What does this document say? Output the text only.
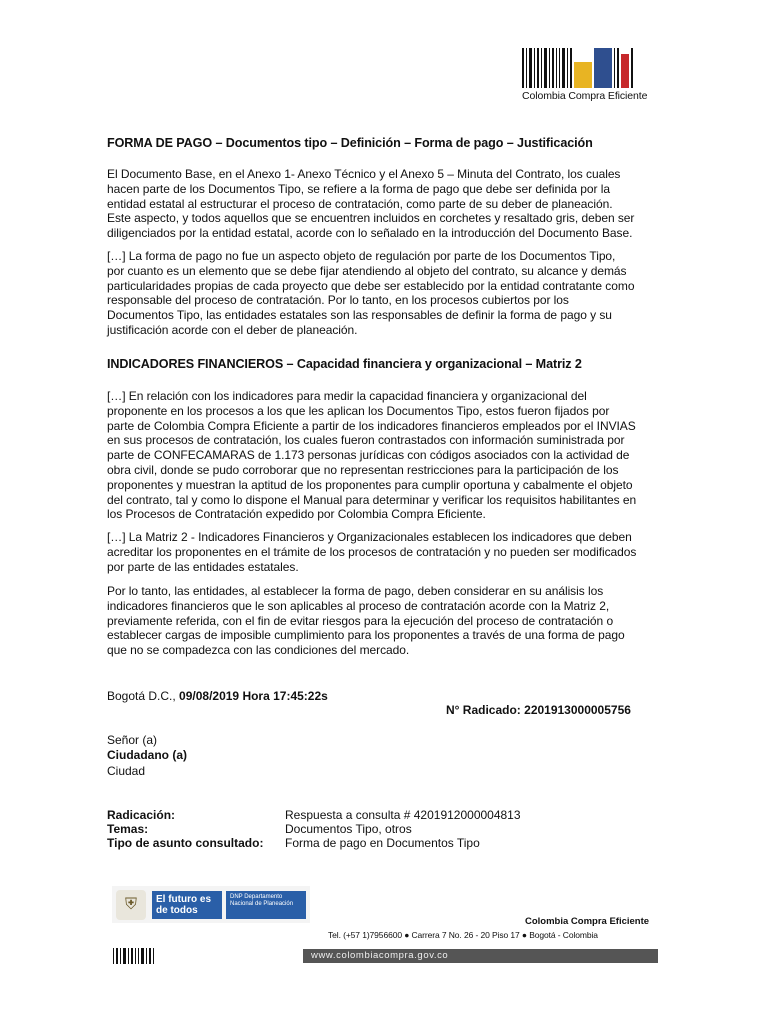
Colombia Compra Eficiente
FORMA DE PAGO – Documentos tipo – Definición – Forma de pago – Justificación
El Documento Base, en el Anexo 1- Anexo Técnico y el Anexo 5 – Minuta del Contrato, los cuales
hacen parte de los Documentos Tipo, se refiere a la forma de pago que debe ser definida por la
entidad estatal al estructurar el proceso de contratación, como parte de su deber de planeación.
Este aspecto, y todos aquellos que se encuentren incluidos en corchetes y resaltado gris, deben ser
diligenciados por la entidad estatal, acorde con lo señalado en la introducción del Documento Base.
[…] La forma de pago no fue un aspecto objeto de regulación por parte de los Documentos Tipo,
por cuanto es un elemento que se debe fijar atendiendo al objeto del contrato, su alcance y demás
particularidades propias de cada proyecto que debe ser establecido por la entidad contratante como
responsable del proceso de contratación. Por lo tanto, en los procesos cubiertos por los
Documentos Tipo, las entidades estatales son las responsables de definir la forma de pago y su
justificación acorde con el deber de planeación.
INDICADORES FINANCIEROS – Capacidad financiera y organizacional – Matriz 2
[…] En relación con los indicadores para medir la capacidad financiera y organizacional del
proponente en los procesos a los que les aplican los Documentos Tipo, estos fueron fijados por
parte de Colombia Compra Eficiente a partir de los indicadores financieros empleados por el INVIAS
en sus procesos de contratación, los cuales fueron contrastados con información suministrada por
parte de CONFECAMARAS de 1.173 personas jurídicas con códigos asociados con la actividad de
obra civil, donde se pudo corroborar que no representan restricciones para la participación de los
proponentes y muestran la aptitud de los proponentes para cumplir oportuna y cabalmente el objeto
del contrato, tal y como lo dispone el Manual para determinar y verificar los requisitos habilitantes en
los Procesos de Contratación expedido por Colombia Compra Eficiente.
[…] La Matriz 2 - Indicadores Financieros y Organizacionales establecen los indicadores que deben
acreditar los proponentes en el trámite de los procesos de contratación y no pueden ser modificados
por parte de las entidades estatales.
Por lo tanto, las entidades, al establecer la forma de pago, deben considerar en su análisis los
indicadores financieros que le son aplicables al proceso de contratación acorde con la Matriz 2,
previamente referida, con el fin de evitar riesgos para la ejecución del proceso de contratación o
establecer cargas de imposible cumplimiento para los proponentes a través de una forma de pago
que no se compadezca con las condiciones del mercado.
Bogotá D.C., 09/08/2019 Hora 17:45:22s
N° Radicado: 2201913000005756
Señor (a)
Ciudadano (a)
Ciudad
Radicación:	Respuesta a consulta # 4201912000004813
Temas:	Documentos Tipo, otros
Tipo de asunto consultado: Forma de pago en Documentos Tipo
⛨	El futuro es de todos
DNP Departamento Nacional de Planeación
Colombia Compra Eficiente
Tel. (+57 1)7956600 ● Carrera 7 No. 26 - 20 Piso 17 ● Bogotá - Colombia
www.colombiacompra.gov.co
